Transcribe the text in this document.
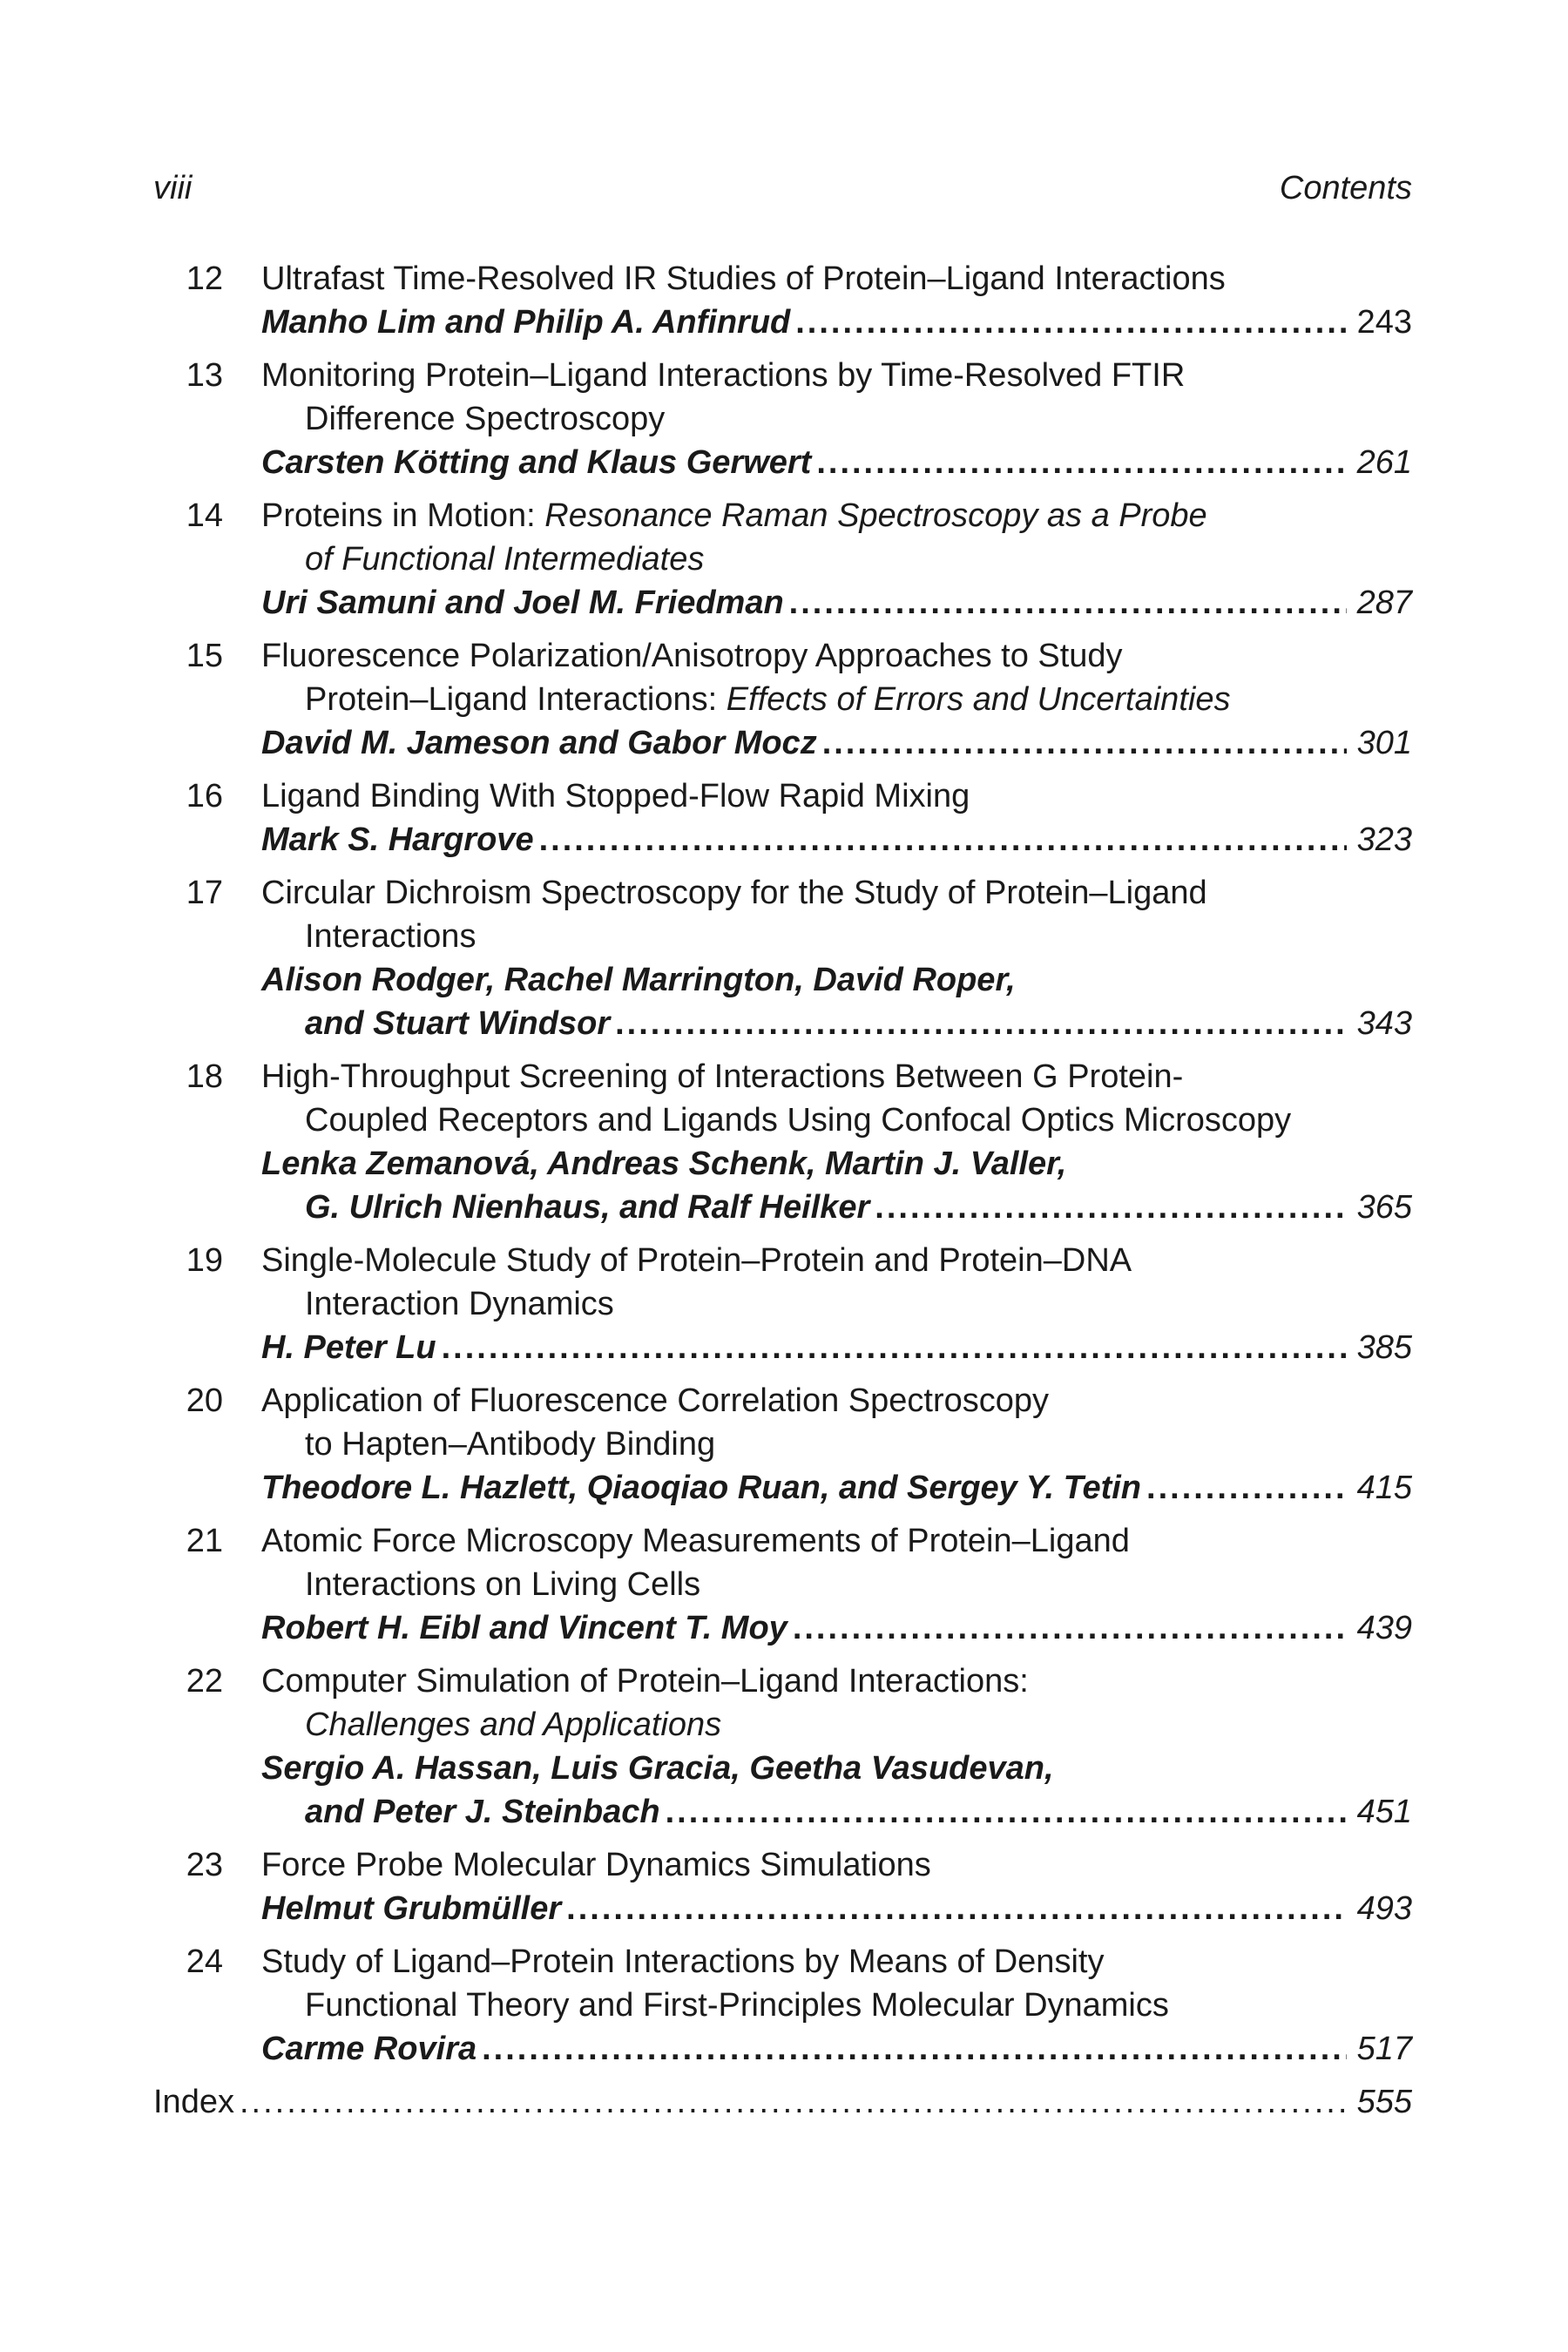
viii	Contents
12 Ultrafast Time-Resolved IR Studies of Protein–Ligand Interactions
Manho Lim and Philip A. Anfinrud .....	243
13 Monitoring Protein–Ligand Interactions by Time-Resolved FTIR
Difference Spectroscopy
Carsten Kötting and Klaus Gerwert .....	261
14 Proteins in Motion: Resonance Raman Spectroscopy as a Probe
of Functional Intermediates
Uri Samuni and Joel M. Friedman .....	287
15 Fluorescence Polarization/Anisotropy Approaches to Study
Protein–Ligand Interactions: Effects of Errors and Uncertainties
David M. Jameson and Gabor Mocz .....	301
16 Ligand Binding With Stopped-Flow Rapid Mixing
Mark S. Hargrove .....	323
17 Circular Dichroism Spectroscopy for the Study of Protein–Ligand
Interactions
Alison Rodger, Rachel Marrington, David Roper,
and Stuart Windsor .....	343
18 High-Throughput Screening of Interactions Between G Protein-
Coupled Receptors and Ligands Using Confocal Optics Microscopy
Lenka Zemanová, Andreas Schenk, Martin J. Valler,
G. Ulrich Nienhaus, and Ralf Heilker .....	365
19 Single-Molecule Study of Protein–Protein and Protein–DNA
Interaction Dynamics
H. Peter Lu .....	385
20 Application of Fluorescence Correlation Spectroscopy
to Hapten–Antibody Binding
Theodore L. Hazlett, Qiaoqiao Ruan, and Sergey Y. Tetin .....	415
21 Atomic Force Microscopy Measurements of Protein–Ligand
Interactions on Living Cells
Robert H. Eibl and Vincent T. Moy .....	439
22 Computer Simulation of Protein–Ligand Interactions:
Challenges and Applications
Sergio A. Hassan, Luis Gracia, Geetha Vasudevan,
and Peter J. Steinbach .....	451
23 Force Probe Molecular Dynamics Simulations
Helmut Grubmüller .....	493
24 Study of Ligand–Protein Interactions by Means of Density
Functional Theory and First-Principles Molecular Dynamics
Carme Rovira .....	517
Index .....	555
